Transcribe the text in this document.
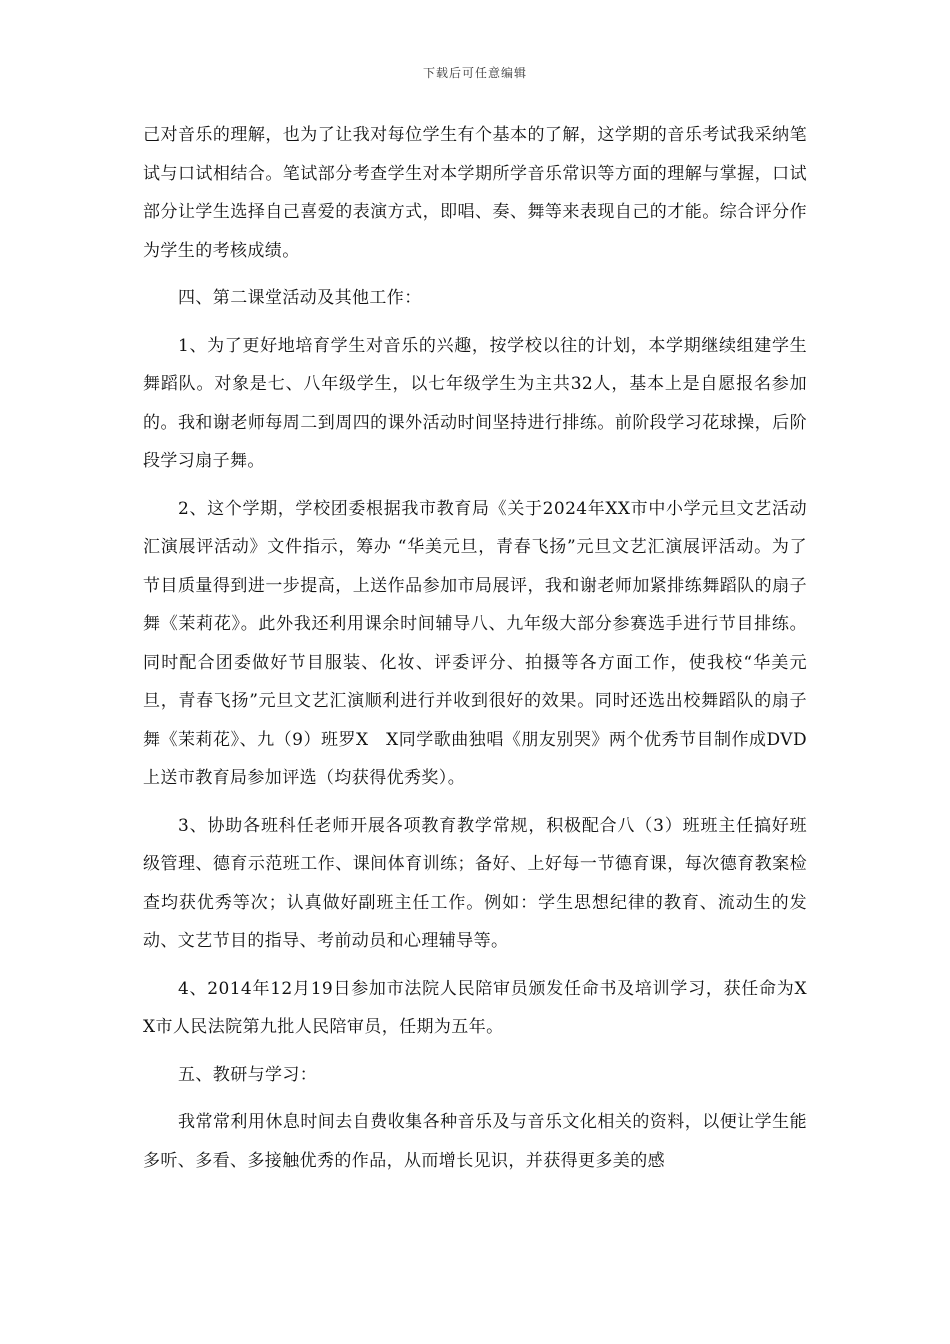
下载后可任意编辑

己对音乐的理解，也为了让我对每位学生有个基本的了解，这学期的音乐考试我采纳笔试与口试相结合。笔试部分考查学生对本学期所学音乐常识等方面的理解与掌握，口试部分让学生选择自己喜爱的表演方式，即唱、奏、舞等来表现自己的才能。综合评分作为学生的考核成绩。

四、第二课堂活动及其他工作：

1、为了更好地培育学生对音乐的兴趣，按学校以往的计划，本学期继续组建学生舞蹈队。对象是七、八年级学生，以七年级学生为主共32人，基本上是自愿报名参加的。我和谢老师每周二到周四的课外活动时间坚持进行排练。前阶段学习花球操，后阶段学习扇子舞。

2、这个学期，学校团委根据我市教育局《关于2024年XX市中小学元旦文艺活动汇演展评活动》文件指示，筹办 “华美元旦，青春飞扬”元旦文艺汇演展评活动。为了节目质量得到进一步提高，上送作品参加市局展评，我和谢老师加紧排练舞蹈队的扇子舞《茉莉花》。此外我还利用课余时间辅导八、九年级大部分参赛选手进行节目排练。同时配合团委做好节目服装、化妆、评委评分、拍摄等各方面工作，使我校“华美元旦，青春飞扬”元旦文艺汇演顺利进行并收到很好的效果。同时还选出校舞蹈队的扇子舞《茉莉花》、九（9）班罗X　X同学歌曲独唱《朋友别哭》两个优秀节目制作成DVD上送市教育局参加评选（均获得优秀奖）。

3、协助各班科任老师开展各项教育教学常规，积极配合八（3）班班主任搞好班级管理、德育示范班工作、课间体育训练；备好、上好每一节德育课，每次德育教案检查均获优秀等次；认真做好副班主任工作。例如：学生思想纪律的教育、流动生的发动、文艺节目的指导、考前动员和心理辅导等。

4、2014年12月19日参加市法院人民陪审员颁发任命书及培训学习，获任命为X X市人民法院第九批人民陪审员，任期为五年。

五、教研与学习：

我常常利用休息时间去自费收集各种音乐及与音乐文化相关的资料，以便让学生能多听、多看、多接触优秀的作品，从而增长见识，并获得更多美的感
